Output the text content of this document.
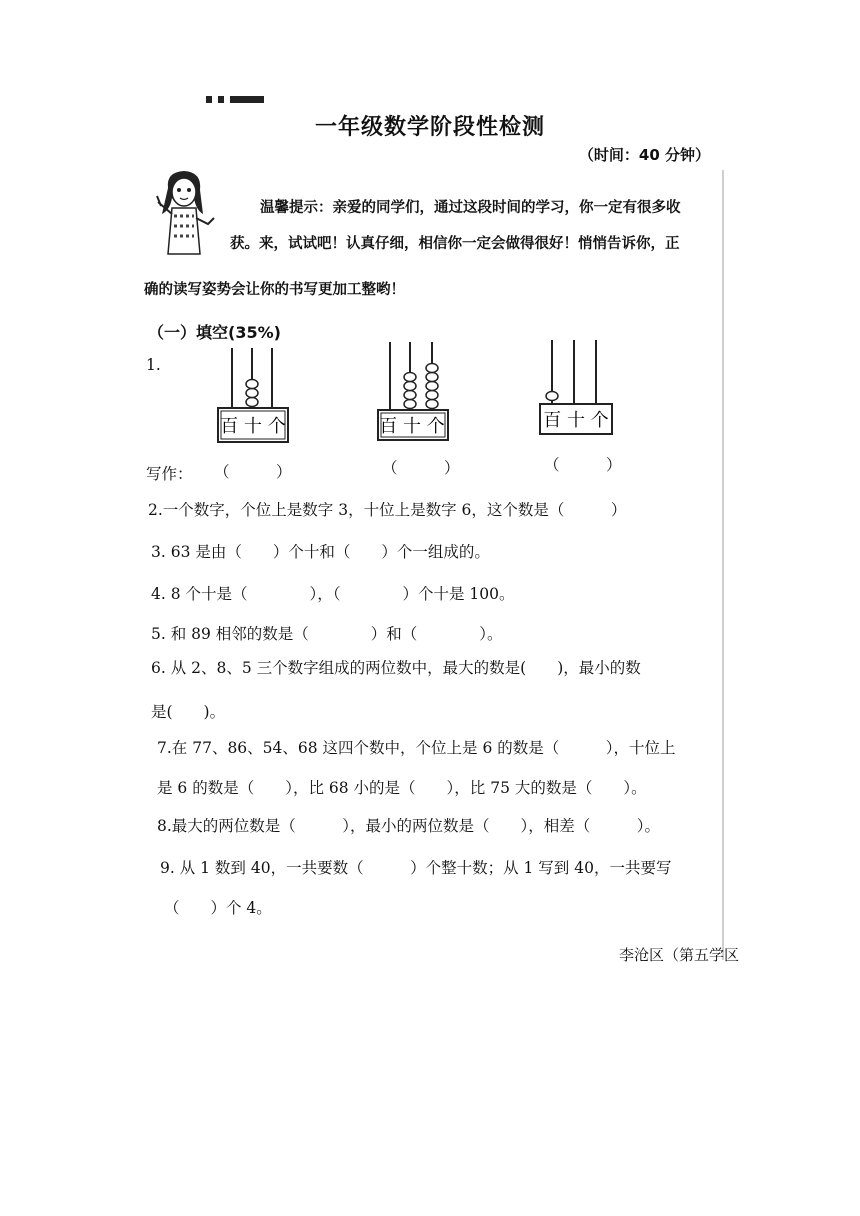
一年级数学阶段性检测
（时间：40 分钟）
温馨提示：亲爱的同学们，通过这段时间的学习，你一定有很多收
获。来，试试吧！认真仔细，相信你一定会做得很好！悄悄告诉你，正
确的读写姿势会让你的书写更加工整哟！
（一）填空(35%)
1.
百 十 个	百 十 个	百 十 个
写作： （　　　）	（　　　）	（　　　）
2.一个数字，个位上是数字 3，十位上是数字 6，这个数是（　　　）
3. 63 是由（　　）个十和（　　）个一组成的。
4. 8 个十是（　　　　），（　　　　）个十是 100。
5. 和 89 相邻的数是（　　　　）和（　　　　）。
6. 从 2、8、5 三个数字组成的两位数中，最大的数是(　　)，最小的数
是(　　)。
7.在 77、86、54、68 这四个数中，个位上是 6 的数是（　　　），十位上
是 6 的数是（　　），比 68 小的是（　　），比 75 大的数是（　　）。
8.最大的两位数是（　　　），最小的两位数是（　　），相差（　　　）。
9. 从 1 数到 40，一共要数（　　　）个整十数；从 1 写到 40，一共要写
（　　）个 4。
李沧区（第五学区
